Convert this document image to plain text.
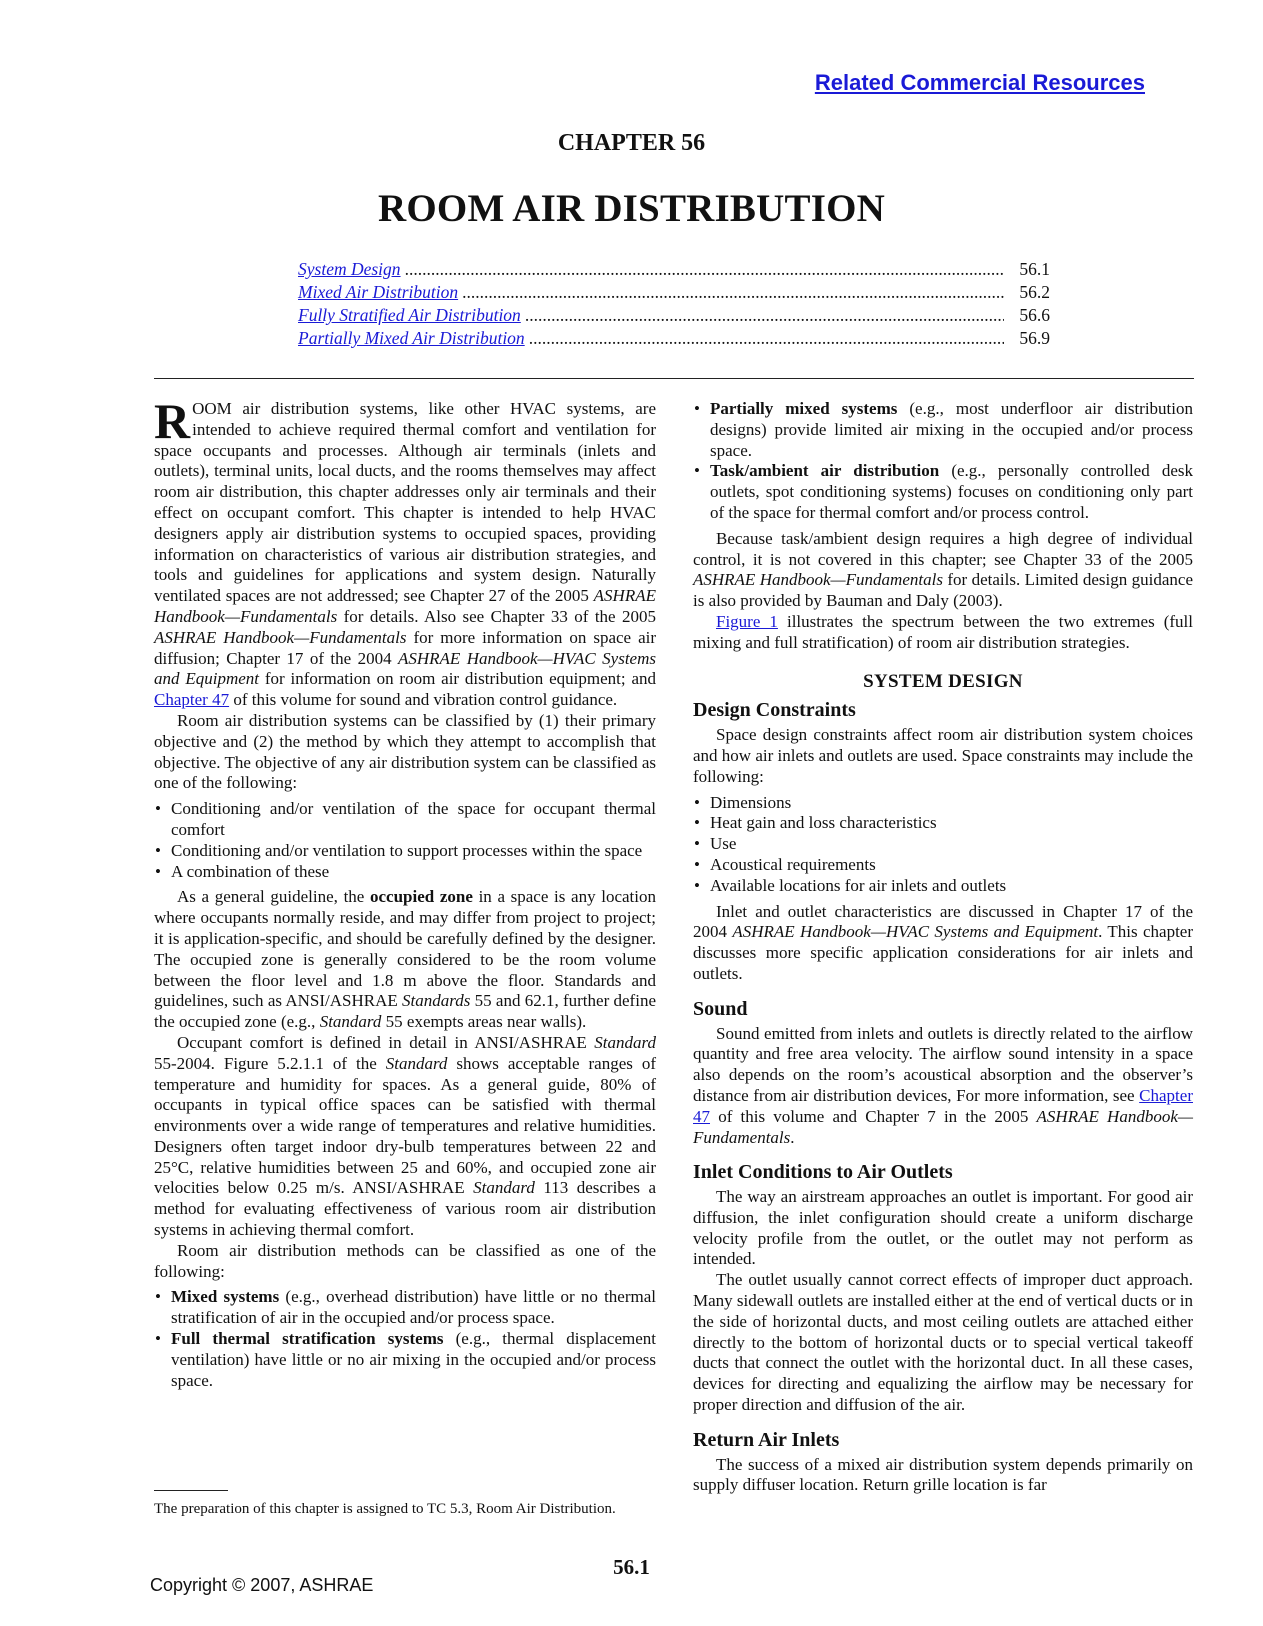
Related Commercial Resources
CHAPTER 56
ROOM AIR DISTRIBUTION
System Design .....	56.1
Mixed Air Distribution .....	56.2
Fully Stratified Air Distribution .....	56.6
Partially Mixed Air Distribution .....	56.9

ROOM air distribution systems, like other HVAC systems, are intended to achieve required thermal comfort and ventilation for space occupants and processes. Although air terminals (inlets and outlets), terminal units, local ducts, and the rooms themselves may affect room air distribution, this chapter addresses only air terminals and their effect on occupant comfort. This chapter is intended to help HVAC designers apply air distribution systems to occupied spaces, providing information on characteristics of various air distribution strategies, and tools and guidelines for applications and system design. Naturally ventilated spaces are not addressed; see Chapter 27 of the 2005 ASHRAE Handbook—Fundamentals for details. Also see Chapter 33 of the 2005 ASHRAE Handbook—Fundamentals for more information on space air diffusion; Chapter 17 of the 2004 ASHRAE Handbook—HVAC Systems and Equipment for information on room air distribution equipment; and Chapter 47 of this volume for sound and vibration control guidance.

Room air distribution systems can be classified by (1) their primary objective and (2) the method by which they attempt to accomplish that objective. The objective of any air distribution system can be classified as one of the following:

• Conditioning and/or ventilation of the space for occupant thermal comfort
• Conditioning and/or ventilation to support processes within the space
• A combination of these

As a general guideline, the occupied zone in a space is any location where occupants normally reside, and may differ from project to project; it is application-specific, and should be carefully defined by the designer. The occupied zone is generally considered to be the room volume between the floor level and 1.8 m above the floor. Standards and guidelines, such as ANSI/ASHRAE Standards 55 and 62.1, further define the occupied zone (e.g., Standard 55 exempts areas near walls).

Occupant comfort is defined in detail in ANSI/ASHRAE Standard 55-2004. Figure 5.2.1.1 of the Standard shows acceptable ranges of temperature and humidity for spaces. As a general guide, 80% of occupants in typical office spaces can be satisfied with thermal environments over a wide range of temperatures and relative humidities. Designers often target indoor dry-bulb temperatures between 22 and 25°C, relative humidities between 25 and 60%, and occupied zone air velocities below 0.25 m/s. ANSI/ASHRAE Standard 113 describes a method for evaluating effectiveness of various room air distribution systems in achieving thermal comfort.

Room air distribution methods can be classified as one of the following:

• Mixed systems (e.g., overhead distribution) have little or no thermal stratification of air in the occupied and/or process space.
• Full thermal stratification systems (e.g., thermal displacement ventilation) have little or no air mixing in the occupied and/or process space.
• Partially mixed systems (e.g., most underfloor air distribution designs) provide limited air mixing in the occupied and/or process space.
• Task/ambient air distribution (e.g., personally controlled desk outlets, spot conditioning systems) focuses on conditioning only part of the space for thermal comfort and/or process control.

Because task/ambient design requires a high degree of individual control, it is not covered in this chapter; see Chapter 33 of the 2005 ASHRAE Handbook—Fundamentals for details. Limited design guidance is also provided by Bauman and Daly (2003).

Figure 1 illustrates the spectrum between the two extremes (full mixing and full stratification) of room air distribution strategies.

SYSTEM DESIGN
Design Constraints

Space design constraints affect room air distribution system choices and how air inlets and outlets are used. Space constraints may include the following:

• Dimensions
• Heat gain and loss characteristics
• Use
• Acoustical requirements
• Available locations for air inlets and outlets

Inlet and outlet characteristics are discussed in Chapter 17 of the 2004 ASHRAE Handbook—HVAC Systems and Equipment. This chapter discusses more specific application considerations for air inlets and outlets.

Sound

Sound emitted from inlets and outlets is directly related to the airflow quantity and free area velocity. The airflow sound intensity in a space also depends on the room’s acoustical absorption and the observer’s distance from air distribution devices, For more information, see Chapter 47 of this volume and Chapter 7 in the 2005 ASHRAE Handbook—Fundamentals.

Inlet Conditions to Air Outlets

The way an airstream approaches an outlet is important. For good air diffusion, the inlet configuration should create a uniform discharge velocity profile from the outlet, or the outlet may not perform as intended.

The outlet usually cannot correct effects of improper duct approach. Many sidewall outlets are installed either at the end of vertical ducts or in the side of horizontal ducts, and most ceiling outlets are attached either directly to the bottom of horizontal ducts or to special vertical takeoff ducts that connect the outlet with the horizontal duct. In all these cases, devices for directing and equalizing the airflow may be necessary for proper direction and diffusion of the air.

Return Air Inlets

The success of a mixed air distribution system depends primarily on supply diffuser location. Return grille location is far

The preparation of this chapter is assigned to TC 5.3, Room Air Distribution.
56.1
Copyright © 2007, ASHRAE
